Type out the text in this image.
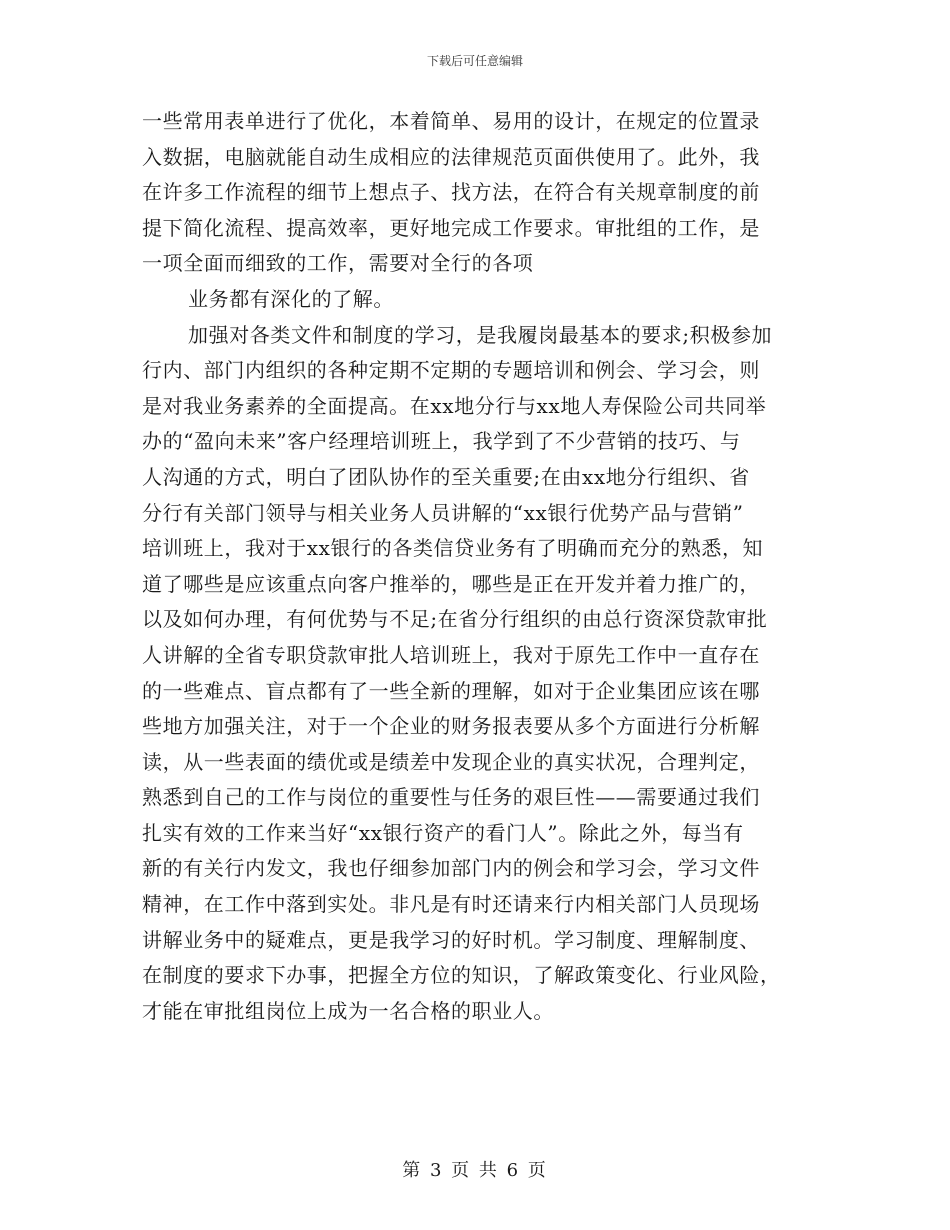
下载后可任意编辑
一些常用表单进行了优化，本着简单、易用的设计，在规定的位置录
入数据，电脑就能自动生成相应的法律规范页面供使用了。此外，我
在许多工作流程的细节上想点子、找方法，在符合有关规章制度的前
提下简化流程、提高效率，更好地完成工作要求。审批组的工作，是
一项全面而细致的工作，需要对全行的各项
业务都有深化的了解。
加强对各类文件和制度的学习，是我履岗最基本的要求;积极参加
行内、部门内组织的各种定期不定期的专题培训和例会、学习会，则
是对我业务素养的全面提高。在xx地分行与xx地人寿保险公司共同举
办的“盈向未来”客户经理培训班上，我学到了不少营销的技巧、与
人沟通的方式，明白了团队协作的至关重要;在由xx地分行组织、省
分行有关部门领导与相关业务人员讲解的“xx银行优势产品与营销”
培训班上，我对于xx银行的各类信贷业务有了明确而充分的熟悉，知
道了哪些是应该重点向客户推举的，哪些是正在开发并着力推广的，
以及如何办理，有何优势与不足;在省分行组织的由总行资深贷款审批
人讲解的全省专职贷款审批人培训班上，我对于原先工作中一直存在
的一些难点、盲点都有了一些全新的理解，如对于企业集团应该在哪
些地方加强关注，对于一个企业的财务报表要从多个方面进行分析解
读，从一些表面的绩优或是绩差中发现企业的真实状况，合理判定，
熟悉到自己的工作与岗位的重要性与任务的艰巨性——需要通过我们
扎实有效的工作来当好“xx银行资产的看门人”。除此之外，每当有
新的有关行内发文，我也仔细参加部门内的例会和学习会，学习文件
精神，在工作中落到实处。非凡是有时还请来行内相关部门人员现场
讲解业务中的疑难点，更是我学习的好时机。学习制度、理解制度、
在制度的要求下办事，把握全方位的知识，了解政策变化、行业风险，
才能在审批组岗位上成为一名合格的职业人。
第 3 页 共 6 页
